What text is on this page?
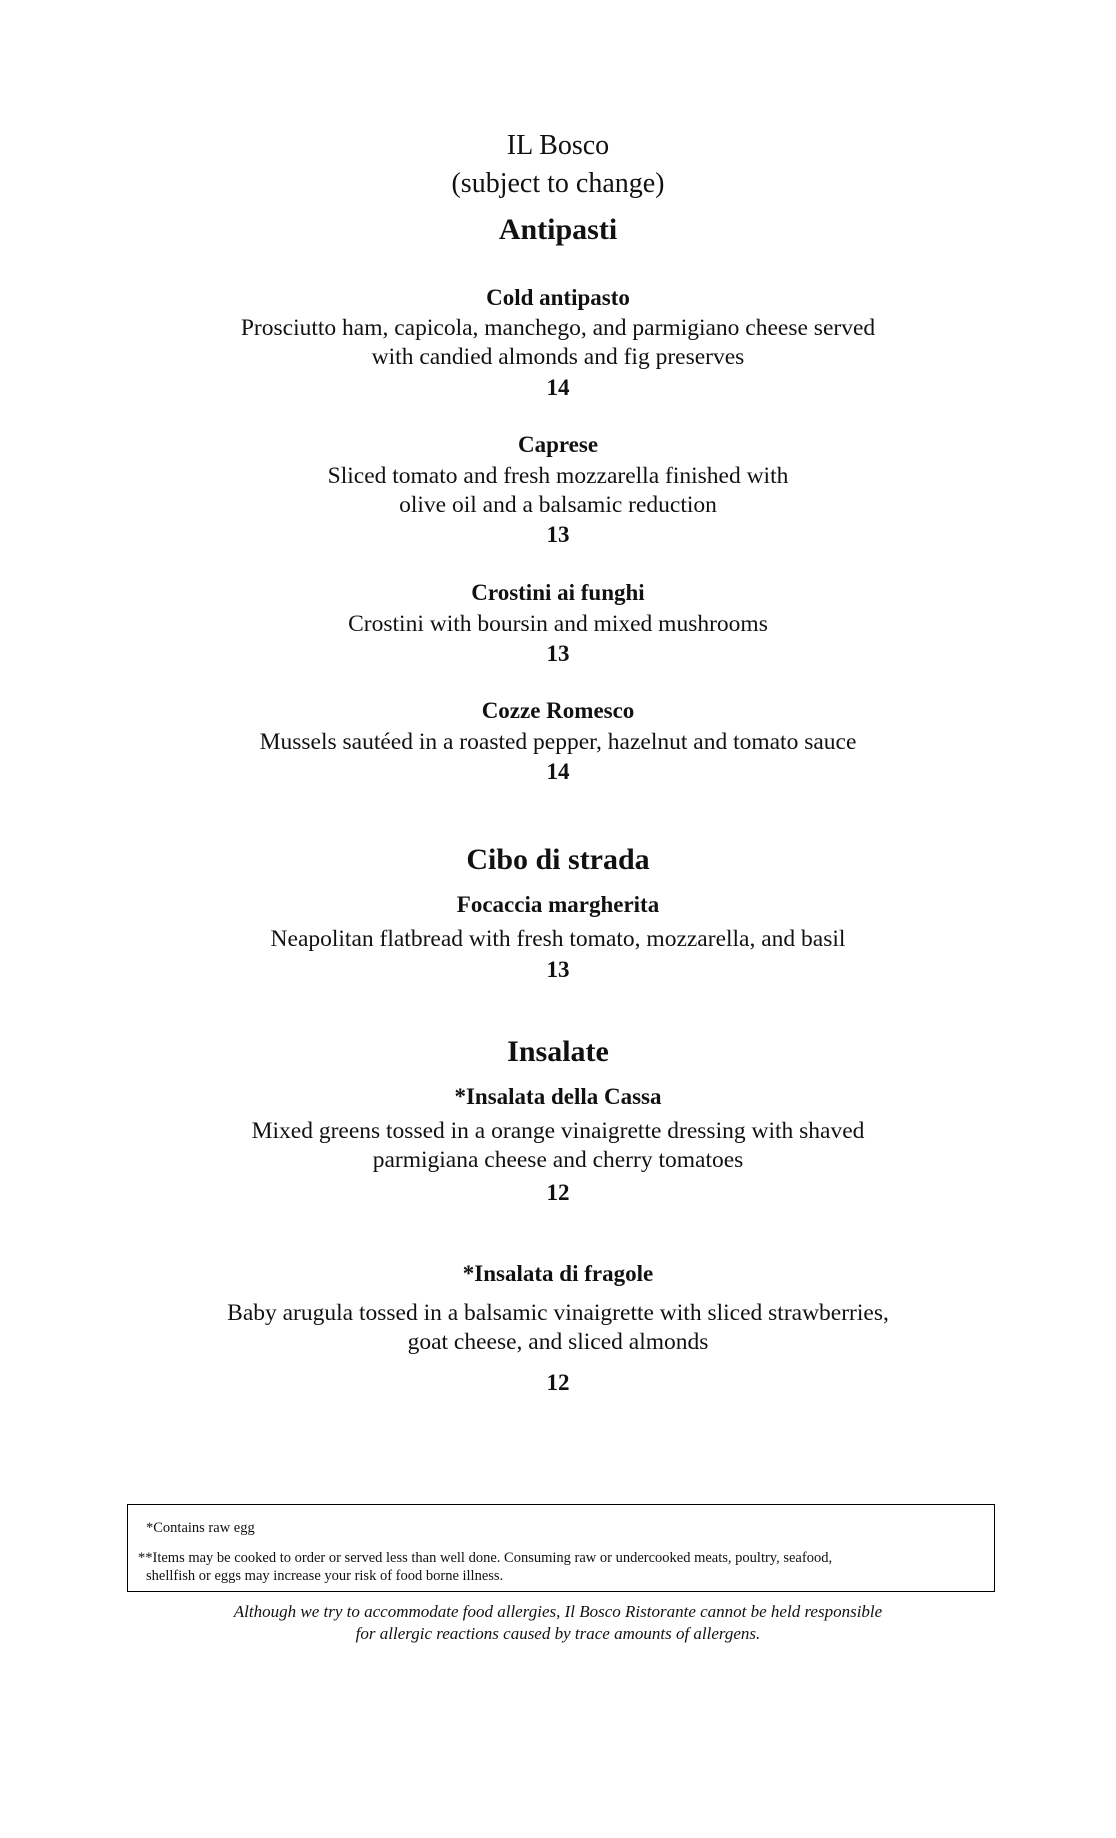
IL Bosco
(subject to change)
Antipasti
Cold antipasto
Prosciutto ham, capicola, manchego, and parmigiano cheese served
with candied almonds and fig preserves
14
Caprese
Sliced tomato and fresh mozzarella finished with
olive oil and a balsamic reduction
13
Crostini ai funghi
Crostini with boursin and mixed mushrooms
13
Cozze Romesco
Mussels sautéed in a roasted pepper, hazelnut and tomato sauce
14
Cibo di strada
Focaccia margherita
Neapolitan flatbread with fresh tomato, mozzarella, and basil
13
Insalate
*Insalata della Cassa
Mixed greens tossed in a orange vinaigrette dressing with shaved
parmigiana cheese and cherry tomatoes
12
*Insalata di fragole
Baby arugula tossed in a balsamic vinaigrette with sliced strawberries,
goat cheese, and sliced almonds
12
*Contains raw egg
**Items may be cooked to order or served less than well done. Consuming raw or undercooked meats, poultry, seafood,
shellfish or eggs may increase your risk of food borne illness.
Although we try to accommodate food allergies, Il Bosco Ristorante cannot be held responsible
for allergic reactions caused by trace amounts of allergens.
